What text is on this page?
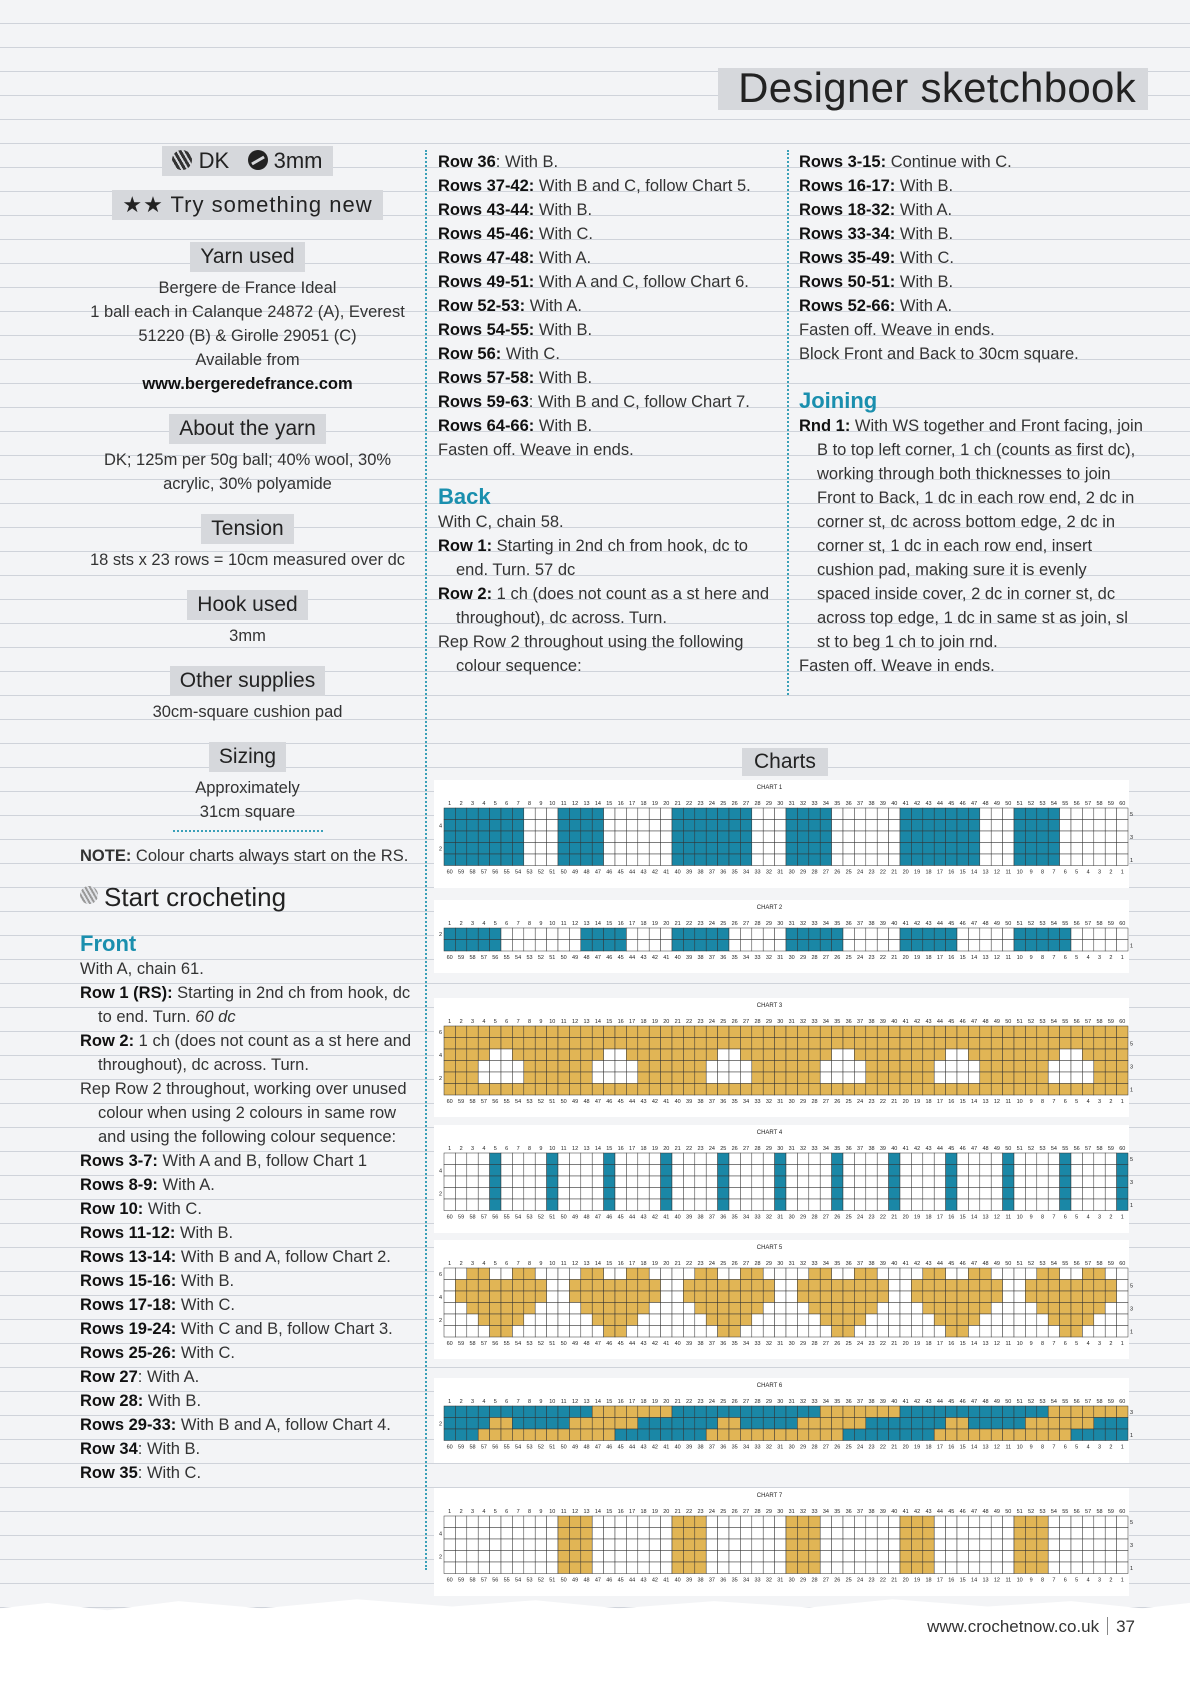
Designer sketchbook
DK 3mm
★★ Try something new
Yarn used
Bergere de France Ideal
1 ball each in Calanque 24872 (A), Everest
51220 (B) & Girolle 29051 (C)
Available from
www.bergeredefrance.com
About the yarn
DK; 125m per 50g ball; 40% wool, 30%
acrylic, 30% polyamide
Tension
18 sts x 23 rows = 10cm measured over dc
Hook used
3mm
Other supplies
30cm-square cushion pad
Sizing
Approximately
31cm square
NOTE: Colour charts always start on the RS.
Start crocheting
Front
With A, chain 61.
Row 1 (RS): Starting in 2nd ch from hook, dc to end. Turn. 60 dc
Row 2: 1 ch (does not count as a st here and throughout), dc across. Turn.
Rep Row 2 throughout, working over unused colour when using 2 colours in same row and using the following colour sequence:
Rows 3-7: With A and B, follow Chart 1
Rows 8-9: With A.
Row 10: With C.
Rows 11-12: With B.
Rows 13-14: With B and A, follow Chart 2.
Rows 15-16: With B.
Rows 17-18: With C.
Rows 19-24: With C and B, follow Chart 3.
Rows 25-26: With C.
Row 27: With A.
Row 28: With B.
Rows 29-33: With B and A, follow Chart 4.
Row 34: With B.
Row 35: With C.
Row 36: With B.
Rows 37-42: With B and C, follow Chart 5.
Rows 43-44: With B.
Rows 45-46: With C.
Rows 47-48: With A.
Rows 49-51: With A and C, follow Chart 6.
Row 52-53: With A.
Rows 54-55: With B.
Row 56: With C.
Rows 57-58: With B.
Rows 59-63: With B and C, follow Chart 7.
Rows 64-66: With B.
Fasten off. Weave in ends.
Back
With C, chain 58.
Row 1: Starting in 2nd ch from hook, dc to end. Turn. 57 dc
Row 2: 1 ch (does not count as a st here and throughout), dc across. Turn.
Rep Row 2 throughout using the following colour sequence:
Rows 3-15: Continue with C.
Rows 16-17: With B.
Rows 18-32: With A.
Rows 33-34: With B.
Rows 35-49: With C.
Rows 50-51: With B.
Rows 52-66: With A.
Fasten off. Weave in ends.
Block Front and Back to 30cm square.
Joining
Rnd 1: With WS together and Front facing, join B to top left corner, 1 ch (counts as first dc), working through both thicknesses to join Front to Back, 1 dc in each row end, 2 dc in corner st, dc across bottom edge, 2 dc in corner st, 1 dc in each row end, insert cushion pad, making sure it is evenly spaced inside cover, 2 dc in corner st, dc across top edge, 1 dc in same st as join, sl st to beg 1 ch to join rnd.
Fasten off. Weave in ends.
Charts
CHART 1
1
60
2
59
3
58
4
57
5
56
6
55
7
54
8
53
9
52
10
51
11
50
12
49
13
48
14
47
15
46
16
45
17
44
18
43
19
42
20
41
21
40
22
39
23
38
24
37
25
36
26
35
27
34
28
33
29
32
30
31
31
30
32
29
33
28
34
27
35
26
36
25
37
24
38
23
39
22
40
21
41
20
42
19
43
18
44
17
45
16
46
15
47
14
48
13
49
12
50
11
51
10
52
9
53
8
54
7
55
6
56
5
57
4
58
3
59
2
60
1
5
4
3
2
1
CHART 2
1
60
2
59
3
58
4
57
5
56
6
55
7
54
8
53
9
52
10
51
11
50
12
49
13
48
14
47
15
46
16
45
17
44
18
43
19
42
20
41
21
40
22
39
23
38
24
37
25
36
26
35
27
34
28
33
29
32
30
31
31
30
32
29
33
28
34
27
35
26
36
25
37
24
38
23
39
22
40
21
41
20
42
19
43
18
44
17
45
16
46
15
47
14
48
13
49
12
50
11
51
10
52
9
53
8
54
7
55
6
56
5
57
4
58
3
59
2
60
1
2
1
CHART 3
1
60
2
59
3
58
4
57
5
56
6
55
7
54
8
53
9
52
10
51
11
50
12
49
13
48
14
47
15
46
16
45
17
44
18
43
19
42
20
41
21
40
22
39
23
38
24
37
25
36
26
35
27
34
28
33
29
32
30
31
31
30
32
29
33
28
34
27
35
26
36
25
37
24
38
23
39
22
40
21
41
20
42
19
43
18
44
17
45
16
46
15
47
14
48
13
49
12
50
11
51
10
52
9
53
8
54
7
55
6
56
5
57
4
58
3
59
2
60
1
6
5
4
3
2
1
CHART 4
1
60
2
59
3
58
4
57
5
56
6
55
7
54
8
53
9
52
10
51
11
50
12
49
13
48
14
47
15
46
16
45
17
44
18
43
19
42
20
41
21
40
22
39
23
38
24
37
25
36
26
35
27
34
28
33
29
32
30
31
31
30
32
29
33
28
34
27
35
26
36
25
37
24
38
23
39
22
40
21
41
20
42
19
43
18
44
17
45
16
46
15
47
14
48
13
49
12
50
11
51
10
52
9
53
8
54
7
55
6
56
5
57
4
58
3
59
2
60
1
5
4
3
2
1
CHART 5
1
60
2
59
3
58
4
57
5
56
6
55
7
54
8
53
9
52
10
51
11
50
12
49
13
48
14
47
15
46
16
45
17
44
18
43
19
42
20
41
21
40
22
39
23
38
24
37
25
36
26
35
27
34
28
33
29
32
30
31
31
30
32
29
33
28
34
27
35
26
36
25
37
24
38
23
39
22
40
21
41
20
42
19
43
18
44
17
45
16
46
15
47
14
48
13
49
12
50
11
51
10
52
9
53
8
54
7
55
6
56
5
57
4
58
3
59
2
60
1
6
5
4
3
2
1
CHART 6
1
60
2
59
3
58
4
57
5
56
6
55
7
54
8
53
9
52
10
51
11
50
12
49
13
48
14
47
15
46
16
45
17
44
18
43
19
42
20
41
21
40
22
39
23
38
24
37
25
36
26
35
27
34
28
33
29
32
30
31
31
30
32
29
33
28
34
27
35
26
36
25
37
24
38
23
39
22
40
21
41
20
42
19
43
18
44
17
45
16
46
15
47
14
48
13
49
12
50
11
51
10
52
9
53
8
54
7
55
6
56
5
57
4
58
3
59
2
60
1
3
2
1
CHART 7
1
60
2
59
3
58
4
57
5
56
6
55
7
54
8
53
9
52
10
51
11
50
12
49
13
48
14
47
15
46
16
45
17
44
18
43
19
42
20
41
21
40
22
39
23
38
24
37
25
36
26
35
27
34
28
33
29
32
30
31
31
30
32
29
33
28
34
27
35
26
36
25
37
24
38
23
39
22
40
21
41
20
42
19
43
18
44
17
45
16
46
15
47
14
48
13
49
12
50
11
51
10
52
9
53
8
54
7
55
6
56
5
57
4
58
3
59
2
60
1
5
4
3
2
1
www.crochetnow.co.uk 37
